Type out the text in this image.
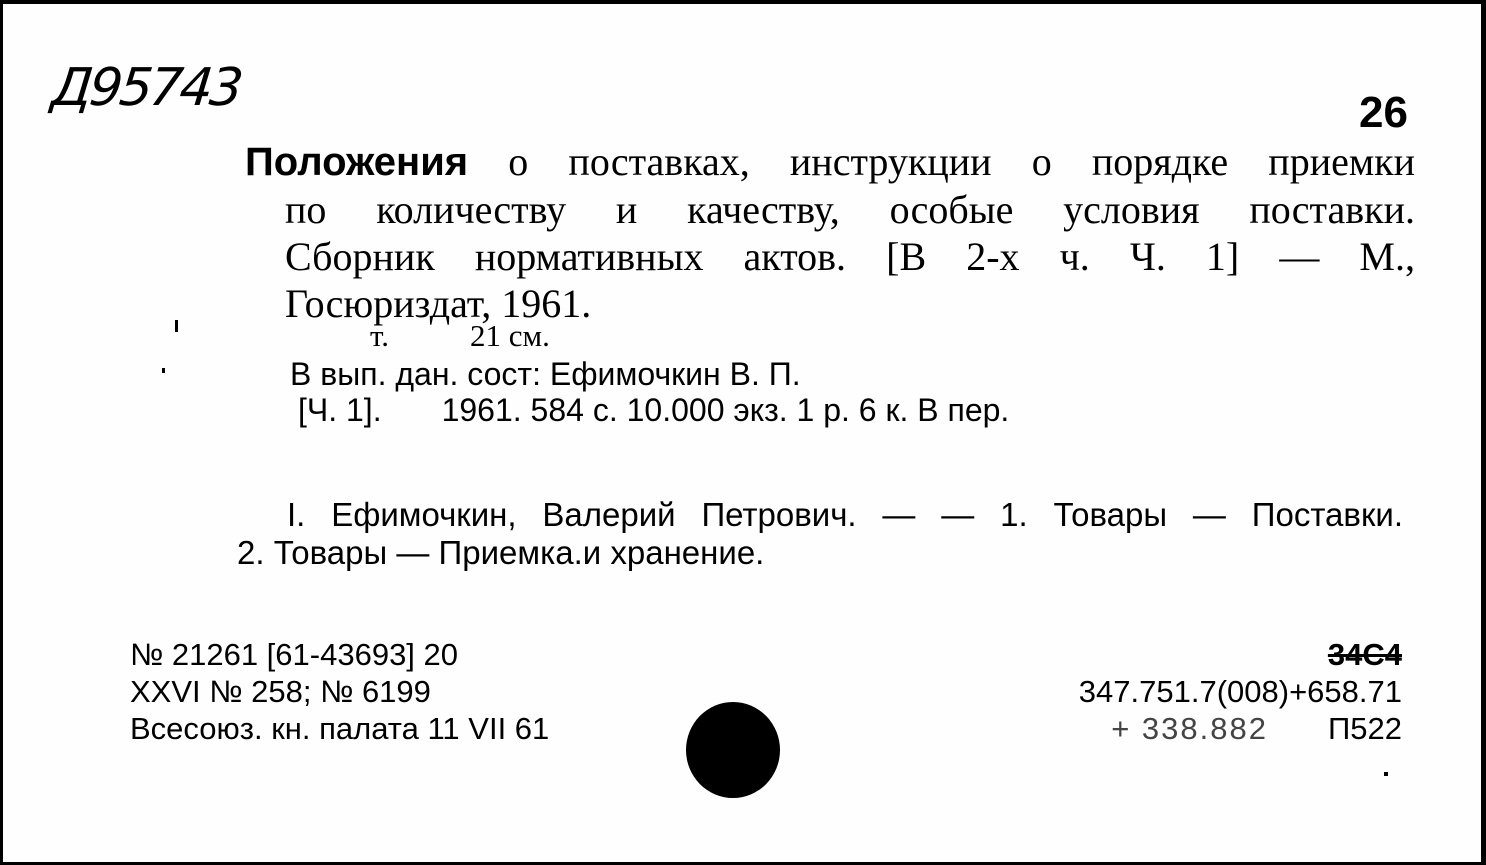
Д95743	26
Положения о поставках, инструкции о порядке приемки
по количеству и качеству, особые условия поставки.
Сборник нормативных актов. [В 2-х ч. Ч. 1] — М.,
Госюриздат, 1961.
т.	21 см.
В вып. дан. сост: Ефимочкин В. П.
[Ч. 1]. 1961. 584 с. 10.000 экз. 1 р. 6 к. В пер.
I. Ефимочкин, Валерий Петрович. — — 1. Товары — Поставки.
2. Товары — Приемка.и хранение.
№ 21261 [61-43693] 20
XXVI № 258; № 6199
Всесоюз. кн. палата 11 VII 61
34С4
347.751.7(008)+658.71
+ 338.882 П522
